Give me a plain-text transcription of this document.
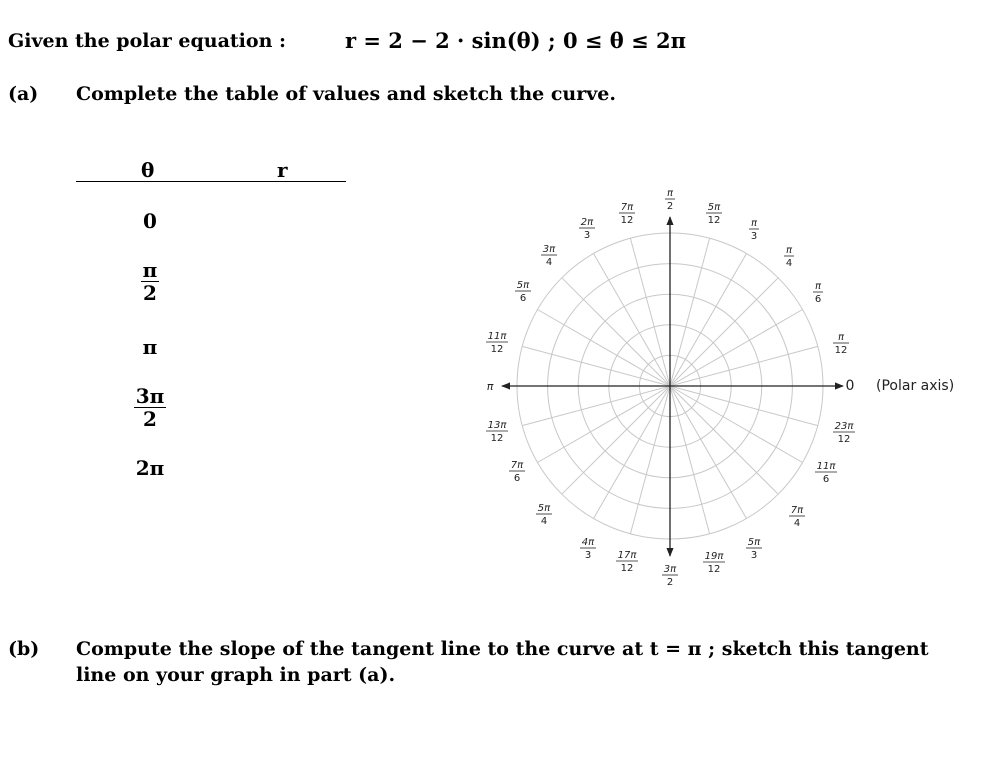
Given the polar equation :	r = 2 − 2 · sin(θ) ; 0 ≤ θ ≤ 2π
(a) Complete the table of values and sketch the curve.
θ	r
0
$\frac{\pi}{2}$
π
$\frac{3\pi}{2}$
2π
π
2
7π
12
5π
12
2π
3
π
3
3π
4
π
4
5π
6
π
6
11π
12
π
12
0
π
13π
12
23π
12
7π
6
11π
6
5π
4
7π
4
4π
3
5π
3
17π
12
19π
12
3π
2
(Polar axis)
(b) Compute the slope of the tangent line to the curve at t = π ; sketch this tangent line on your graph in part (a).
